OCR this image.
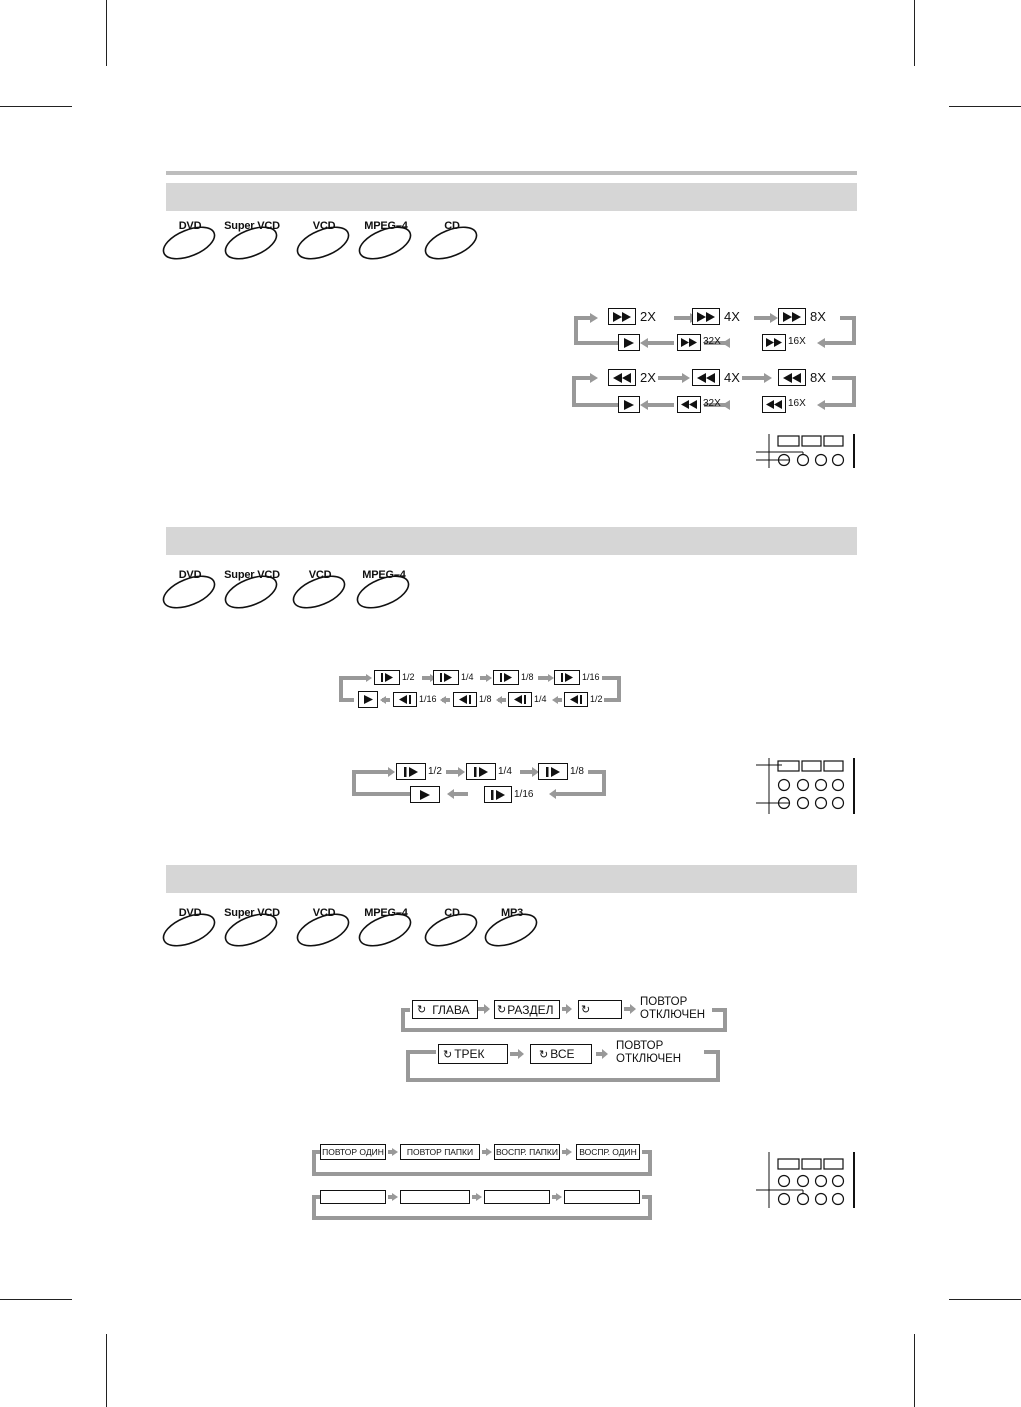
DVD	Super VCD	VCD	MPEG–4	CD
2X	4X	8X
32X	16X
2X	4X	8X
32X	16X
DVD	Super VCD	VCD	MPEG–4
1/2	1/4	1/8	1/16
1/16	1/8	1/4	1/2
1/2	1/4	1/8
1/16
DVD	Super VCD	VCD	MPEG–4	CD	MP3
↻ ГЛАВА ↻ РАЗДЕЛ ↻
ПОВТОР
ОТКЛЮЧЕН
↻ ТРЕК	↻ ВСЕ
ПОВТОР
ОТКЛЮЧЕН
ПОВТОР ОДИН	ПОВТОР ПАПКИ	ВОСПР. ПАПКИ	ВОСПР. ОДИН
